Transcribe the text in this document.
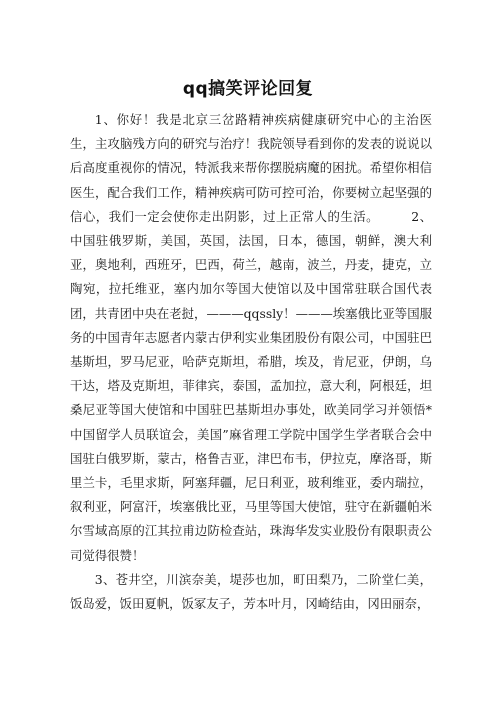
qq搞笑评论回复

1、你好！我是北京三岔路精神疾病健康研究中心的主治医生，主攻脑残方向的研究与治疗！我院领导看到你的发表的说说以后高度重视你的情况，特派我来帮你摆脱病魔的困扰。希望你相信医生，配合我们工作，精神疾病可防可控可治，你要树立起坚强的信心，我们一定会使你走出阴影，过上正常人的生活。	2、中国驻俄罗斯，美国，英国，法国，日本，德国，朝鲜，澳大利亚，奥地利，西班牙，巴西，荷兰，越南，波兰，丹麦，捷克，立陶宛，拉托维亚，塞内加尔等国大使馆以及中国常驻联合国代表团，共青团中央在老挝，———qqssly！———埃塞俄比亚等国服务的中国青年志愿者内蒙古伊利实业集团股份有限公司，中国驻巴基斯坦，罗马尼亚，哈萨克斯坦，希腊，埃及，肯尼亚，伊朗，乌干达，塔及克斯坦，菲律宾，泰国，孟加拉，意大利，阿根廷，坦桑尼亚等国大使馆和中国驻巴基斯坦办事处，欧美同学习并领悟*中国留学人员联谊会，美国”麻省理工学院中国学生学者联合会中国驻白俄罗斯，蒙古，格鲁吉亚，津巴布韦，伊拉克，摩洛哥，斯里兰卡，毛里求斯，阿塞拜疆，尼日利亚，玻利维亚，委内瑞拉，叙利亚，阿富汗，埃塞俄比亚，马里等国大使馆，驻守在新疆帕米尔雪域高原的江其拉甫边防检查站，珠海华发实业股份有限职责公司觉得很赞！

3、苍井空，川滨奈美，堤莎也加，町田梨乃，二阶堂仁美，饭岛爱，饭田夏帆，饭冢友子，芳本叶月，冈崎结由，冈田丽奈，
